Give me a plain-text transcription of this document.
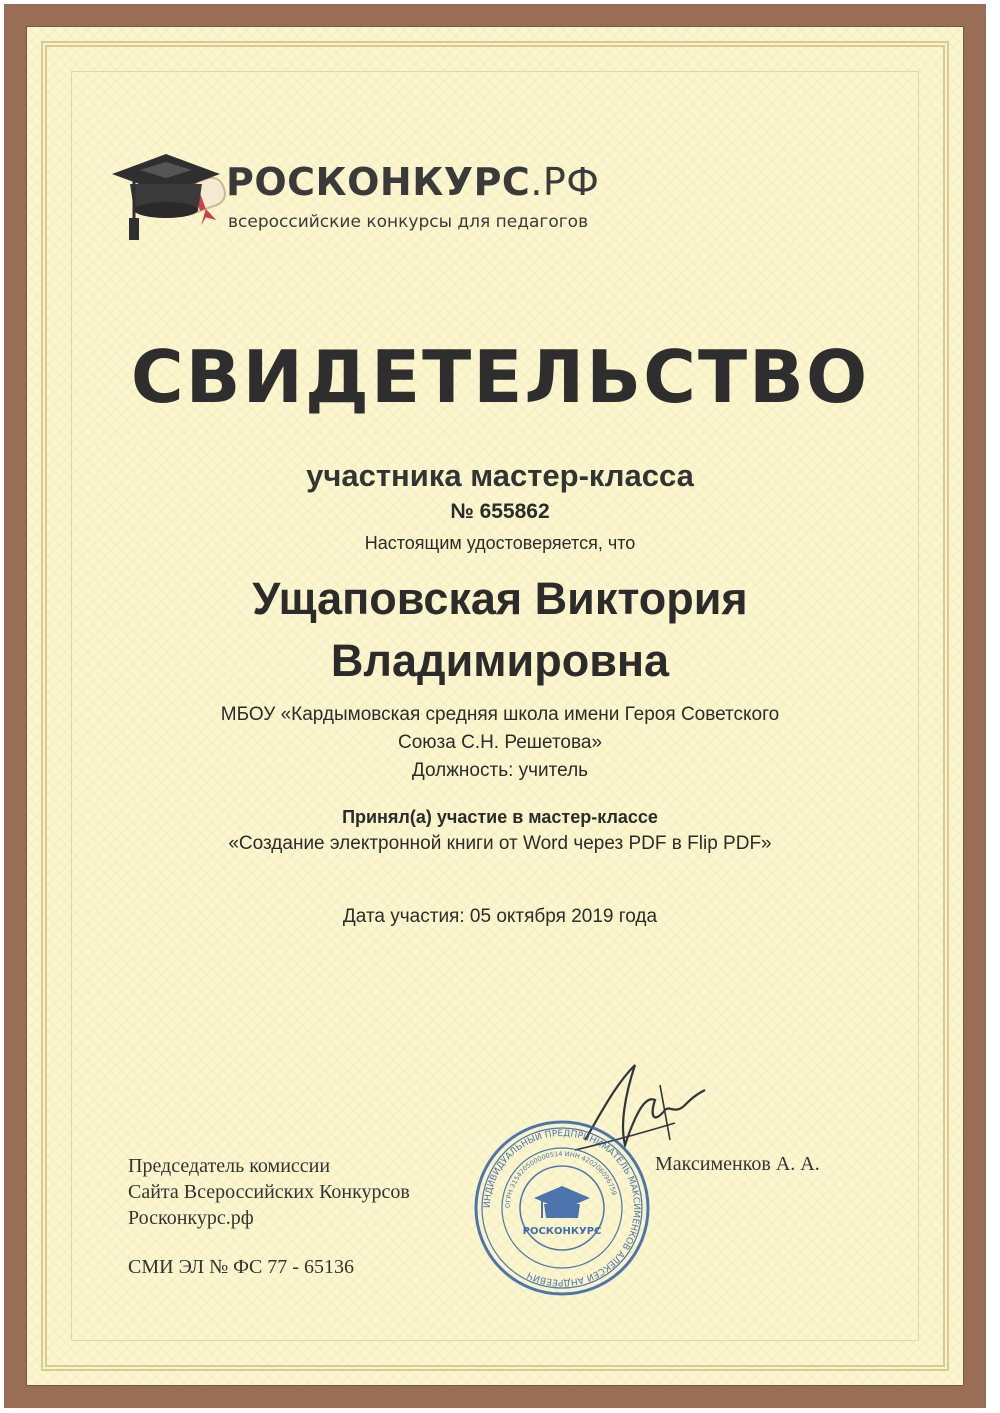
РОСКОНКУРС.РФ
всероссийские конкурсы для педагогов
СВИДЕТЕЛЬСТВО
участника мастер-класса
№ 655862
Настоящим удостоверяется, что
Ущаповская Виктория
Владимировна
МБОУ «Кардымовская средняя школа имени Героя Советского
Союза С.Н. Решетова»
Должность: учитель
Принял(а) участие в мастер-классе
«Создание электронной книги от Word через PDF в Flip PDF»
Дата участия: 05 октября 2019 года
Председатель комиссии
Сайта Всероссийских Конкурсов
Росконкурс.рф
СМИ ЭЛ № ФС 77 - 65136
Максименков А. А.
ИНДИВИДУАЛЬНЫЙ ПРЕДПРИНИМАТЕЛЬ МАКСИМЕНКОВ АЛЕКСЕЙ АНДРЕЕВИЧ
ОГРН 315420500000514 ИНН 420206096759
РОСКОНКУРС
